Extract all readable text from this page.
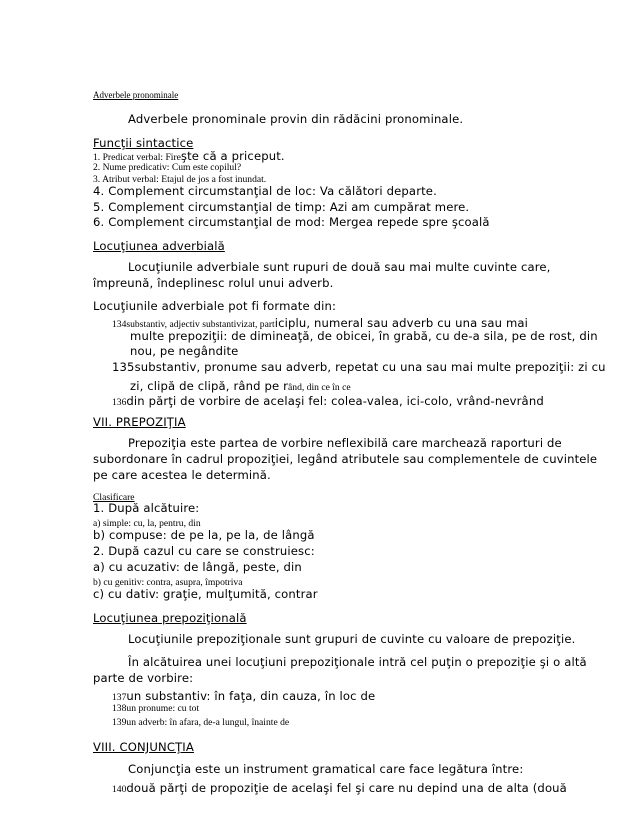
Adverbele pronominale
Adverbele pronominale provin din rădăcini pronominale.
Funcţii sintactice
1. Predicat verbal: Fireşte că a priceput.
2. Nume predicativ: Cum este copilul?
3. Atribut verbal: Etajul de jos a fost inundat.
4. Complement circumstanţial de loc: Va călători departe.
5. Complement circumstanţial de timp: Azi am cumpărat mere.
6. Complement circumstanţial de mod: Mergea repede spre şcoală
Locuţiunea adverbială
Locuţiunile adverbiale sunt rupuri de două sau mai multe cuvinte care,
împreună, îndeplinesc rolul unui adverb.
Locuţiunile adverbiale pot fi formate din:
134substantiv, adjectiv substantivizat, participlu, numeral sau adverb cu una sau mai
multe prepoziţii: de dimineaţă, de obicei, în grabă, cu de-a sila, pe de rost, din
nou, pe negândite
135substantiv, pronume sau adverb, repetat cu una sau mai multe prepoziţii: zi cu
zi, clipă de clipă, rând pe rând, din ce în ce
136din părţi de vorbire de acelaşi fel: colea-valea, ici-colo, vrând-nevrând
VII. PREPOZIŢIA
Prepoziţia este partea de vorbire neflexibilă care marchează raporturi de
subordonare în cadrul propoziţiei, legând atributele sau complementele de cuvintele
pe care acestea le determină.
Clasificare
1. După alcătuire:
a) simple: cu, la, pentru, din
b) compuse: de pe la, pe la, de lângă
2. După cazul cu care se construiesc:
a) cu acuzativ: de lângă, peste, din
b) cu genitiv: contra, asupra, împotriva
c) cu dativ: graţie, mulţumită, contrar
Locuţiunea prepoziţională
Locuţiunile prepoziţionale sunt grupuri de cuvinte cu valoare de prepoziţie.
În alcătuirea unei locuţiuni prepoziţionale intră cel puţin o prepoziţie şi o altă
parte de vorbire:
137un substantiv: în faţa, din cauza, în loc de
138un pronume: cu tot
139un adverb: în afara, de-a lungul, înainte de
VIII. CONJUNCŢIA
Conjuncţia este un instrument gramatical care face legătura între:
140două părţi de propoziţie de acelaşi fel şi care nu depind una de alta (două
